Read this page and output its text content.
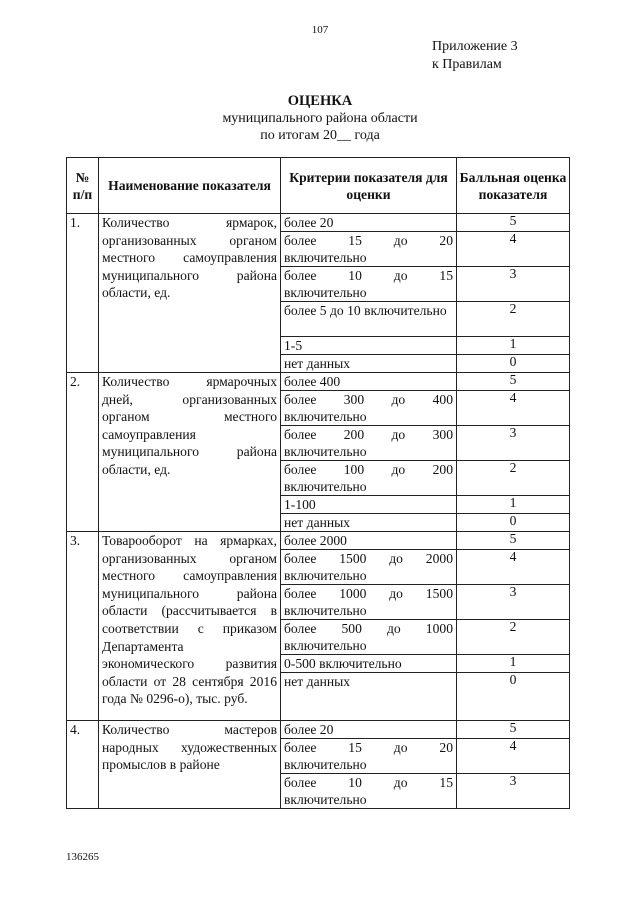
107
Приложение 3
к Правилам
ОЦЕНКА
муниципального района области
по итогам 20__ года
№ п/п	Наименование показателя	Критерии показателя для оценки	Балльная оценка показателя
1.	Количество ярмарок, организованных органом местного самоуправления муниципального района области, ед.	более 20	5
		более 15 до 20 включительно	4
		более 10 до 15 включительно	3
		более 5 до 10 включительно	2
		1-5	1
		нет данных	0
2.	Количество ярмарочных дней, организованных органом местного самоуправления муниципального района области, ед.	более 400	5
		более 300 до 400 включительно	4
		более 200 до 300 включительно	3
		более 100 до 200 включительно	2
		1-100	1
		нет данных	0
3.	Товарооборот на ярмарках, организованных органом местного самоуправления муниципального района области (рассчитывается в соответствии с приказом Департамента экономического развития области от 28 сентября 2016 года № 0296-о), тыс. руб.	более 2000	5
		более 1500 до 2000 включительно	4
		более 1000 до 1500 включительно	3
		более 500 до 1000 включительно	2
		0-500 включительно	1
		нет данных	0
4.	Количество мастеров народных художественных промыслов в районе	более 20	5
		более 15 до 20 включительно	4
		более 10 до 15 включительно	3
136265
